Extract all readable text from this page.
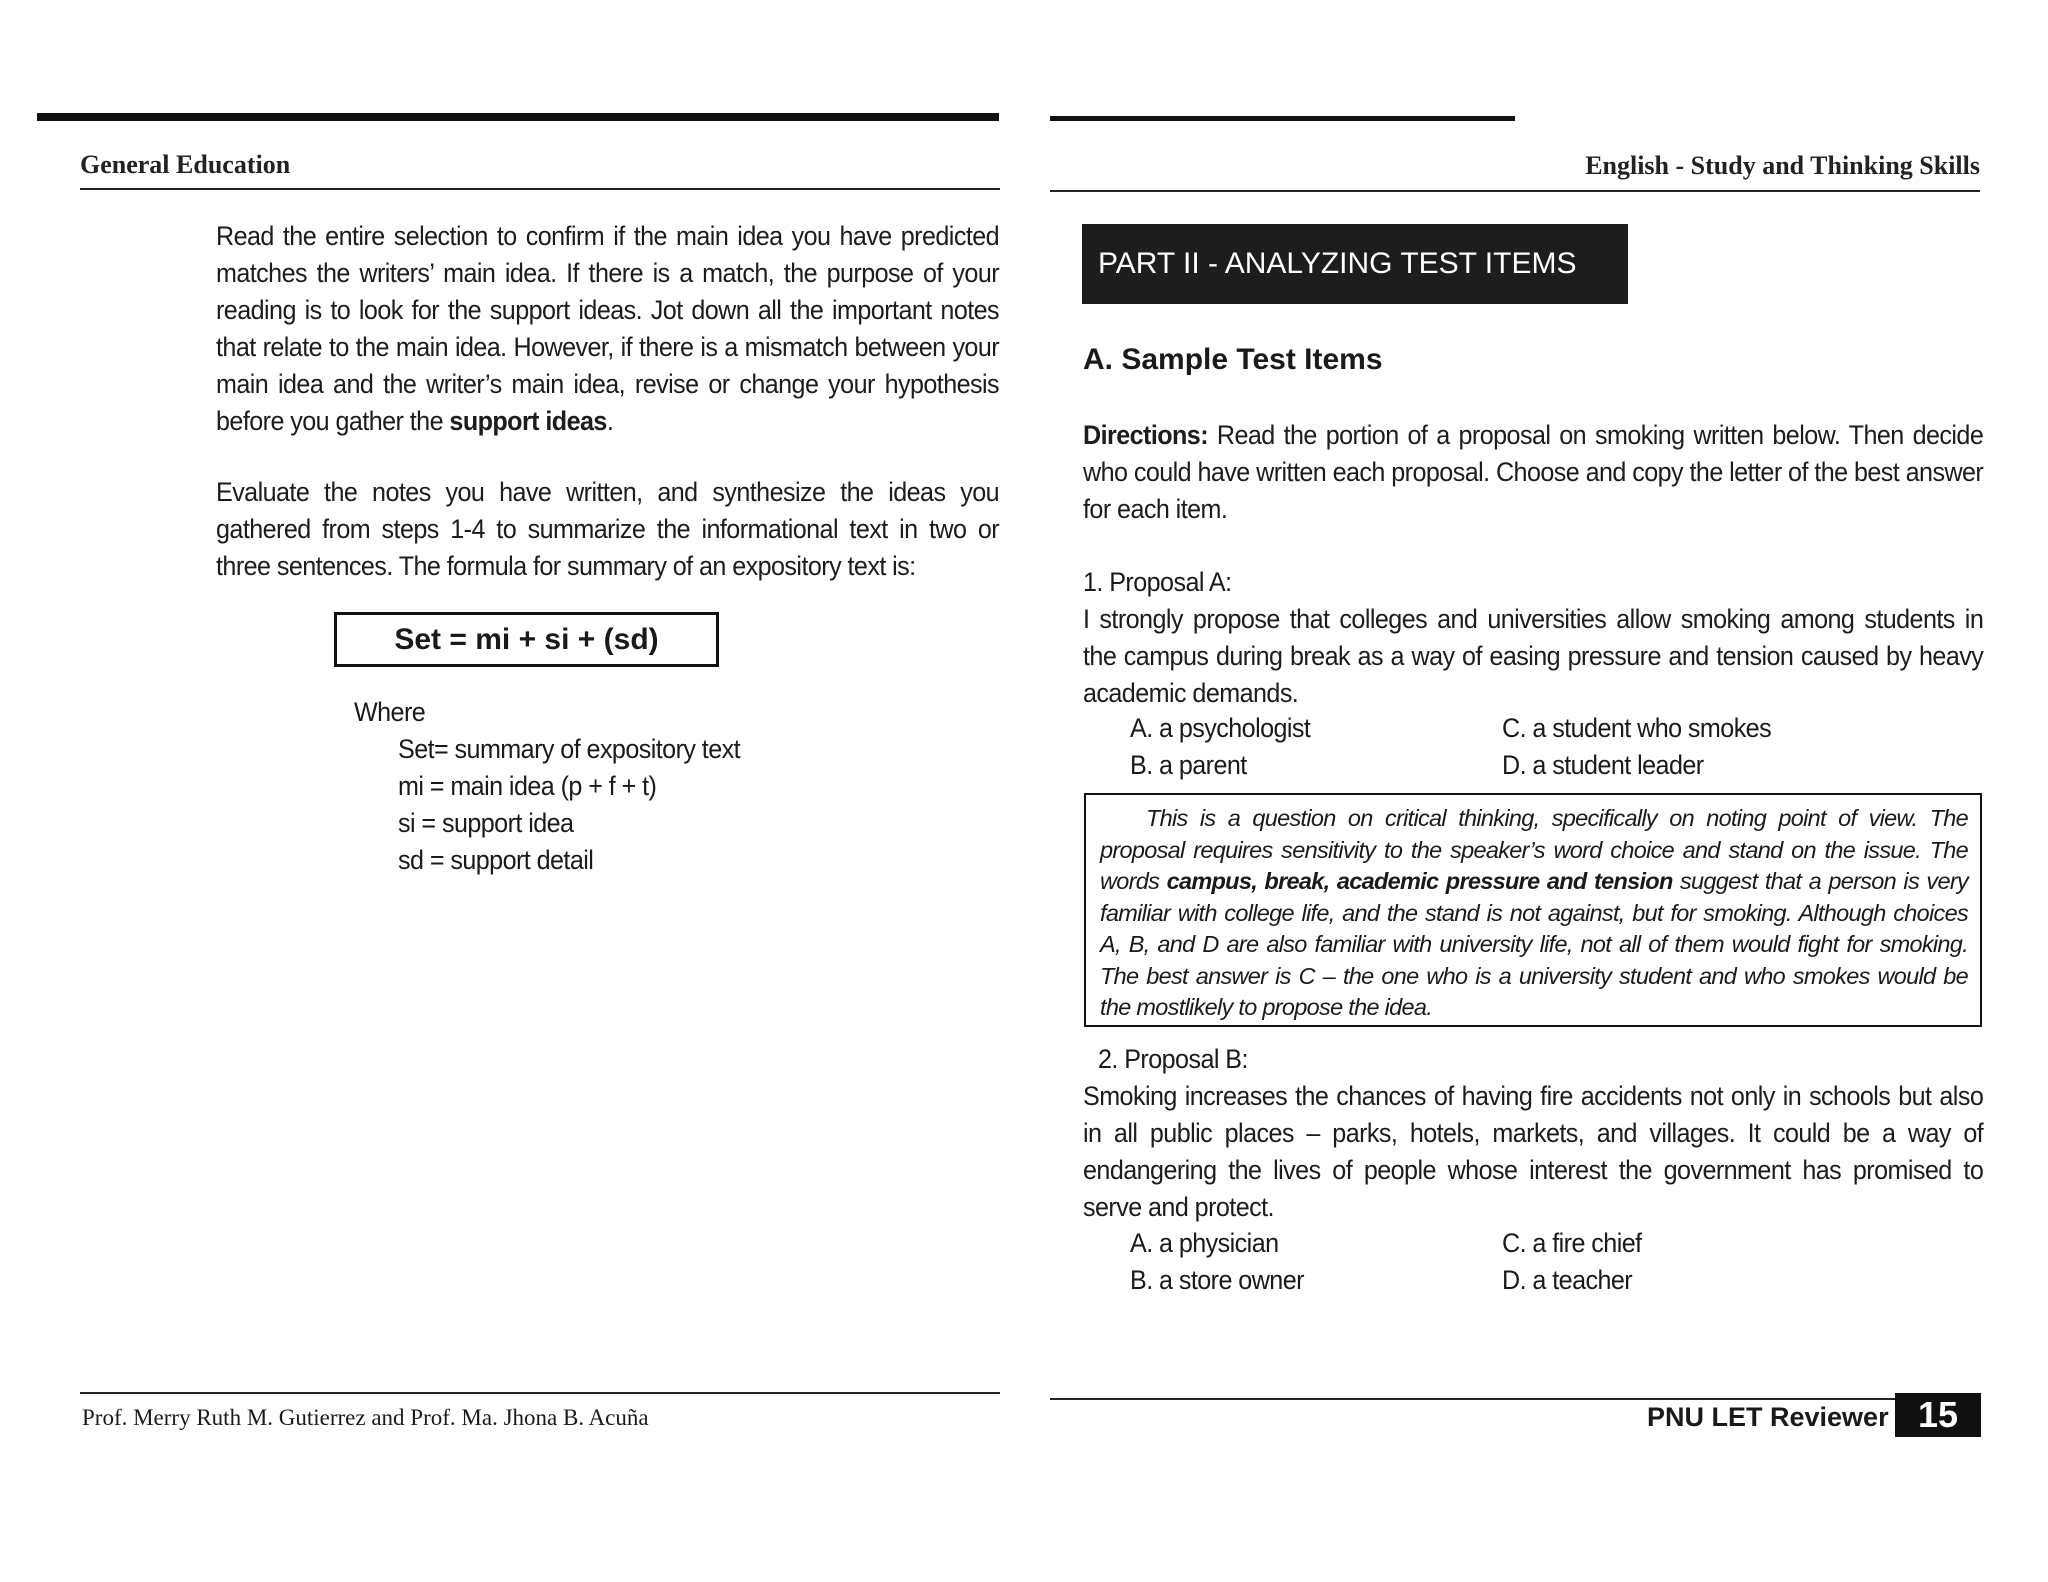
General Education
Read the entire selection to confirm if the main idea you have predicted matches the writers’ main idea. If there is a match, the purpose of your reading is to look for the support ideas. Jot down all the important notes that relate to the main idea. However, if there is a mismatch between your main idea and the writer’s main idea, revise or change your hypothesis before you gather the support ideas.
Evaluate the notes you have written, and synthesize the ideas you gathered from steps 1-4 to summarize the informational text in two or three sentences. The formula for summary of an expository text is:
Set = mi + si + (sd)
Where
Set= summary of expository text
mi = main idea (p + f + t)
si = support idea
sd = support detail
Prof. Merry Ruth M. Gutierrez and Prof. Ma. Jhona B. Acuña
English - Study and Thinking Skills
PART II - ANALYZING TEST ITEMS
A. Sample Test Items
Directions: Read the portion of a proposal on smoking written below. Then decide who could have written each proposal. Choose and copy the letter of the best answer for each item.
1. Proposal A:
I strongly propose that colleges and universities allow smoking among students in the campus during break as a way of easing pressure and tension caused by heavy academic demands.
A. a psychologist
B. a parent
C. a student who smokes
D. a student leader

This is a question on critical thinking, specifically on noting point of view. The proposal requires sensitivity to the speaker’s word choice and stand on the issue. The words campus, break, academic pressure and tension suggest that a person is very familiar with college life, and the stand is not against, but for smoking. Although choices A, B, and D are also familiar with university life, not all of them would fight for smoking. The best answer is C – the one who is a university student and who smokes would be the mostlikely to propose the idea.

2. Proposal B:
Smoking increases the chances of having fire accidents not only in schools but also in all public places – parks, hotels, markets, and villages. It could be a way of endangering the lives of people whose interest the government has promised to serve and protect.
A. a physician
B. a store owner
C. a fire chief
D. a teacher
PNU LET Reviewer 15
